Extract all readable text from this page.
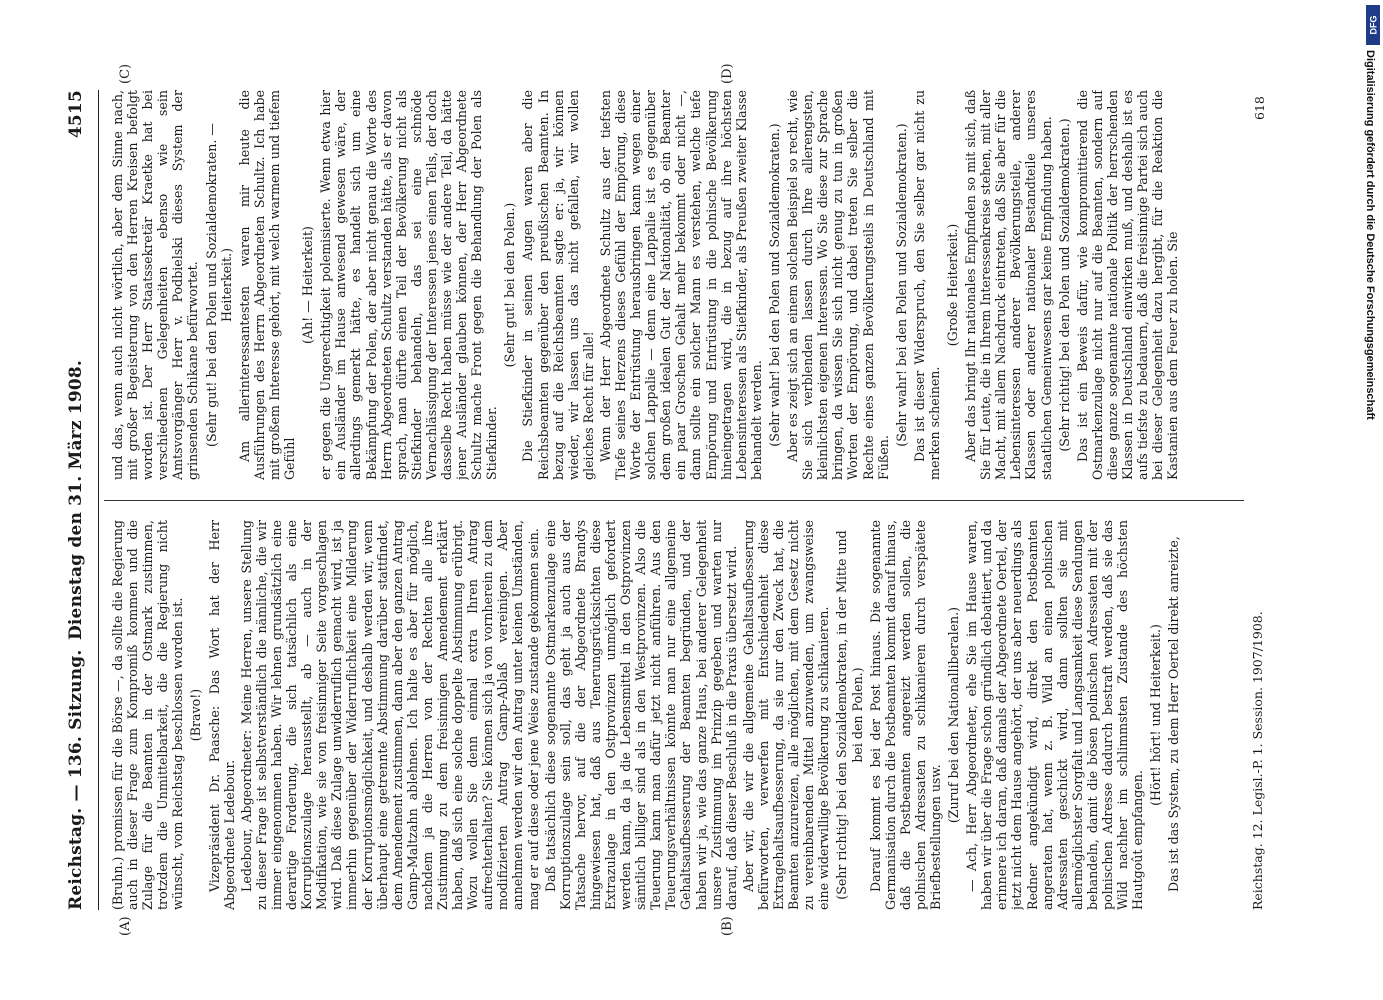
Reichstag. — 136. Sitzung.
Dienstag den 31. März 1908.
4515
(A)	(B)
(C)	(D)

(Bruhn.) promissen für die Börse —, da sollte die Regierung auch in dieser Frage zum Kompromiß kommen und die Zulage für die Beamten in der Ostmark zustimmen, trotzdem die Unmittelbarkeit, die die Regierung nicht wünscht, vom Reichstag beschlossen worden ist. (Bravo!) Vizepräsident Dr. Paasche: Das Wort hat der Herr Abgeordnete Ledebour. Ledebour, Abgeordneter: Meine Herren, unsere Stellung zu dieser Frage ist selbstverständlich die nämliche, die wir immer eingenommen haben. Wir lehnen grundsätzlich eine derartige Forderung, die sich tatsächlich als eine Korruptionszulage herausstellt, ab — auch in der Modifikation, wie sie von freisinniger Seite vorgeschlagen wird. Daß diese Zulage unwiderruflich gemacht wird, ist ja immerhin gegenüber der Widerruflichkeit eine Milderung der Korruptionsmöglichkeit, und deshalb werden wir, wenn überhaupt eine getrennte Abstimmung darüber stattfindet, dem Amendement zustimmen, dann aber den ganzen Antrag Gamp-Maltzahn ablehnen. Ich halte es aber für möglich, nachdem ja die Herren von der Rechten alle ihre Zustimmung zu dem freisinnigen Amendement erklärt haben, daß sich eine solche doppelte Abstimmung erübrigt. Wozu wollen Sie denn einmal extra Ihren Antrag aufrechterhalten? Sie können sich ja von vornherein zu dem modifizierten Antrag Gamp-Ablaß vereinigen. Aber annehmen werden wir den Antrag unter keinen Umständen, mag er auf diese oder jene Weise zustande gekommen sein. Daß tatsächlich diese sogenannte Ostmarkenzulage eine Korruptionszulage sein soll, das geht ja auch aus der Tatsache hervor, auf die der Abgeordnete Brandys hingewiesen hat, daß aus Tenerungsrücksichten diese Extrazulage in den Ostprovinzen unmöglich gefordert werden kann, da ja die Lebensmittel in den Ostprovinzen sämtlich billiger sind als in den Westprovinzen. Also die Teuerung kann man dafür jetzt nicht anführen. Aus den Teuerungsverhältnissen könnte man nur eine allgemeine Gehaltsaufbesserung der Beamten begründen, und der haben wir ja, wie das ganze Haus, bei anderer Gelegenheit unsere Zustimmung im Prinzip gegeben und warten nur darauf, daß dieser Beschluß in die Praxis übersetzt wird. Aber wir, die wir die allgemeine Gehaltsaufbesserung befürworten, verwerfen mit Entschiedenheit diese Extragehaltsaufbesserung, da sie nur den Zweck hat, die Beamten anzureizen, alle möglichen, mit dem Gesetz nicht zu vereinbarenden Mittel anzuwenden, um zwangsweise eine widerwillige Bevölkerung zu schikanieren. (Sehr richtig! bei den Sozialdemokraten, in der Mitte und bei den Polen.) Darauf kommt es bei der Post hinaus. Die sogenannte Germanisation durch die Postbeamten kommt darauf hinaus, daß die Postbeamten angereizt werden sollen, die polnischen Adressaten zu schikanieren durch verspätete Briefbestellungen usw.

(Zuruf bei den Nationalliberalen.) — Ach, Herr Abgeordneter, ehe Sie im Hause waren, haben wir über die Frage schon gründlich debattiert, und da erinnere ich daran, daß damals der Abgeordnete Oertel, der jetzt nicht dem Hause angehört, der uns aber neuerdings als Redner angekündigt wird, direkt den Postbeamten angeraten hat, wenn z. B. Wild an einen polnischen Adressaten geschickt wird, dann sollten sie mit allermöglichster Sorgfalt und Langsamkeit diese Sendungen behandeln, damit die bösen polnischen Adressaten mit der polnischen Adresse dadurch bestraft werden, daß sie das Wild nachher im schlimmsten Zustande des höchsten Hautgoût empfangen.

(Hört! hört! und Heiterkeit.) Das ist das System, zu dem Herr Oertel direkt anreizte,

und das, wenn auch nicht wörtlich, aber dem Sinne nach, mit großer Begeisterung von den Herren Kreisen befolgt worden ist. Der Herr Staatssekretär Kraetke hat bei verschiedenen Gelegenheiten ebenso wie sein Amtsvorgänger Herr v. Podbielski dieses System der grinsenden Schikane befürwortet. (Sehr gut! bei den Polen und Sozialdemokraten. — Heiterkeit.) Am allerinteressantesten waren mir heute die Ausführungen des Herrn Abgeordneten Schultz. Ich habe mit großem Interesse gehört, mit welch warmem und tiefem Gefühl

(Ah! — Heiterkeit) er gegen die Ungerechtigkeit polemisierte. Wenn etwa hier ein Ausländer im Hause anwesend gewesen wäre, der allerdings gemerkt hätte, es handelt sich um eine Bekämpfung der Polen, der aber nicht genau die Worte des Herrn Abgeordneten Schultz verstanden hätte, als er davon sprach, man dürfte einen Teil der Bevölkerung nicht als Stiefkinder behandeln, das sei eine schnöde Vernachlässigung der Interessen jenes einen Teils, der doch dasselbe Recht haben müsse wie der andere Teil, da hätte jener Ausländer glauben können, der Herr Abgeordnete Schultz mache Front gegen die Behandlung der Polen als Stiefkinder.

(Sehr gut! bei den Polen.) Die Stiefkinder in seinen Augen waren aber die Reichsbeamten gegenüber den preußischen Beamten. In bezug auf die Reichsbeamten sagte er: ja, wir können wieder, wir lassen uns das nicht gefallen, wir wollen gleiches Recht für alle! Wenn der Herr Abgeordnete Schultz aus der tiefsten Tiefe seines Herzens dieses Gefühl der Empörung, diese Worte der Entrüstung herausbringen kann wegen einer solchen Lappalie — denn eine Lappalie ist es gegenüber dem großen idealen Gut der Nationalität, ob ein Beamter ein paar Groschen Gehalt mehr bekommt oder nicht —, dann sollte ein solcher Mann es verstehen, welche tiefe Empörung und Entrüstung in die polnische Bevölkerung hineingetragen wird, die in bezug auf ihre höchsten Lebensinteressen als Stiefkinder, als Preußen zweiter Klasse behandelt werden. (Sehr wahr! bei den Polen und Sozialdemokraten.) Aber es zeigt sich an einem solchen Beispiel so recht, wie Sie sich verblenden lassen durch Ihre allerengsten, kleinlichsten eigenen Interessen. Wo Sie diese zur Sprache bringen, da wissen Sie sich nicht genug zu tun in großen Worten der Empörung, und dabei treten Sie selber die Rechte eines ganzen Bevölkerungsteils in Deutschland mit Füßen.

(Sehr wahr! bei den Polen und Sozialdemokraten.) Das ist dieser Widerspruch, den Sie selber gar nicht zu merken scheinen.

(Große Heiterkeit.) Aber das bringt Ihr nationales Empfinden so mit sich, daß Sie für Leute, die in Ihrem Interessenkreise stehen, mit aller Macht, mit allem Nachdruck eintreten, daß Sie aber für die Lebensinteressen anderer Bevölkerungsteile, anderer Klassen oder anderer nationaler Bestandteile unseres staatlichen Gemeinwesens gar keine Empfindung haben. (Sehr richtig! bei den Polen und Sozialdemokraten.) Das ist ein Beweis dafür, wie kompromittierend die Ostmarkenzulage nicht nur auf die Beamten, sondern auf diese ganze sogenannte nationale Politik der herrschenden Klassen in Deutschland einwirken muß, und deshalb ist es aufs tiefste zu bedauern, daß die freisinnige Partei sich auch bei dieser Gelegenheit dazu hergibt, für die Reaktion die Kastanien aus dem Feuer zu holen. Sie

Reichstag. 12. Legisl.-P. 1. Session. 1907/1908.
618
DFG
Digitalisierung gefördert durch die Deutsche Forschungsgemeinschaft
